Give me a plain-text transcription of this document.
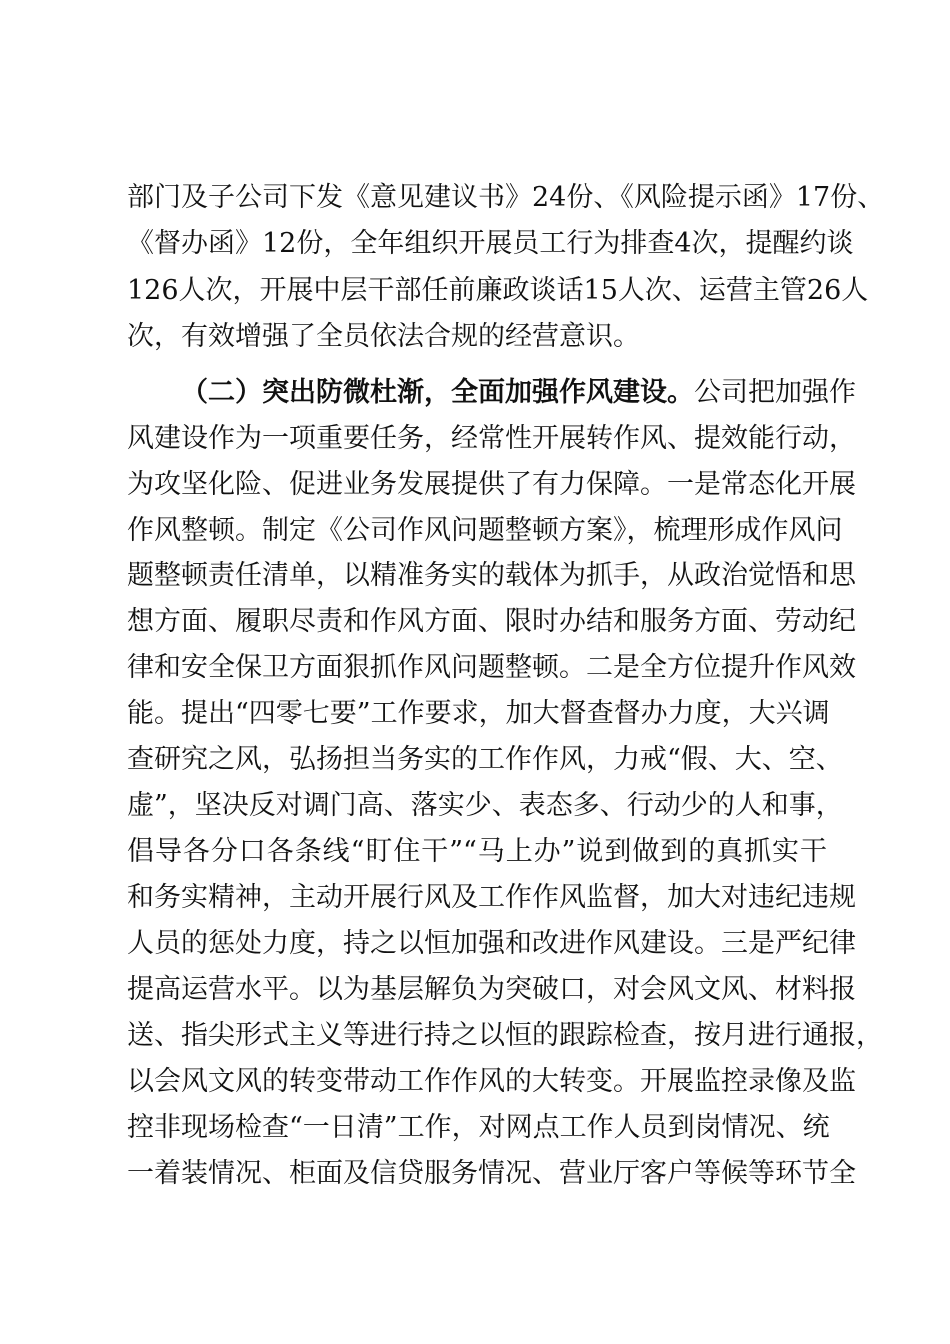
部门及子公司下发《意见建议书》24份、《风险提示函》17份、
《督办函》12份，全年组织开展员工行为排查4次，提醒约谈
126人次，开展中层干部任前廉政谈话15人次、运营主管26人
次，有效增强了全员依法合规的经营意识。
（二）突出防微杜渐，全面加强作风建设。公司把加强作
风建设作为一项重要任务，经常性开展转作风、提效能行动，
为攻坚化险、促进业务发展提供了有力保障。一是常态化开展
作风整顿。制定《公司作风问题整顿方案》，梳理形成作风问
题整顿责任清单，以精准务实的载体为抓手，从政治觉悟和思
想方面、履职尽责和作风方面、限时办结和服务方面、劳动纪
律和安全保卫方面狠抓作风问题整顿。二是全方位提升作风效
能。提出“四零七要”工作要求，加大督查督办力度，大兴调
查研究之风，弘扬担当务实的工作作风，力戒“假、大、空、
虚”，坚决反对调门高、落实少、表态多、行动少的人和事，
倡导各分口各条线“盯住干”“马上办”说到做到的真抓实干
和务实精神，主动开展行风及工作作风监督，加大对违纪违规
人员的惩处力度，持之以恒加强和改进作风建设。三是严纪律
提高运营水平。以为基层解负为突破口，对会风文风、材料报
送、指尖形式主义等进行持之以恒的跟踪检查，按月进行通报，
以会风文风的转变带动工作作风的大转变。开展监控录像及监
控非现场检查“一日清”工作，对网点工作人员到岗情况、统
一着装情况、柜面及信贷服务情况、营业厅客户等候等环节全
